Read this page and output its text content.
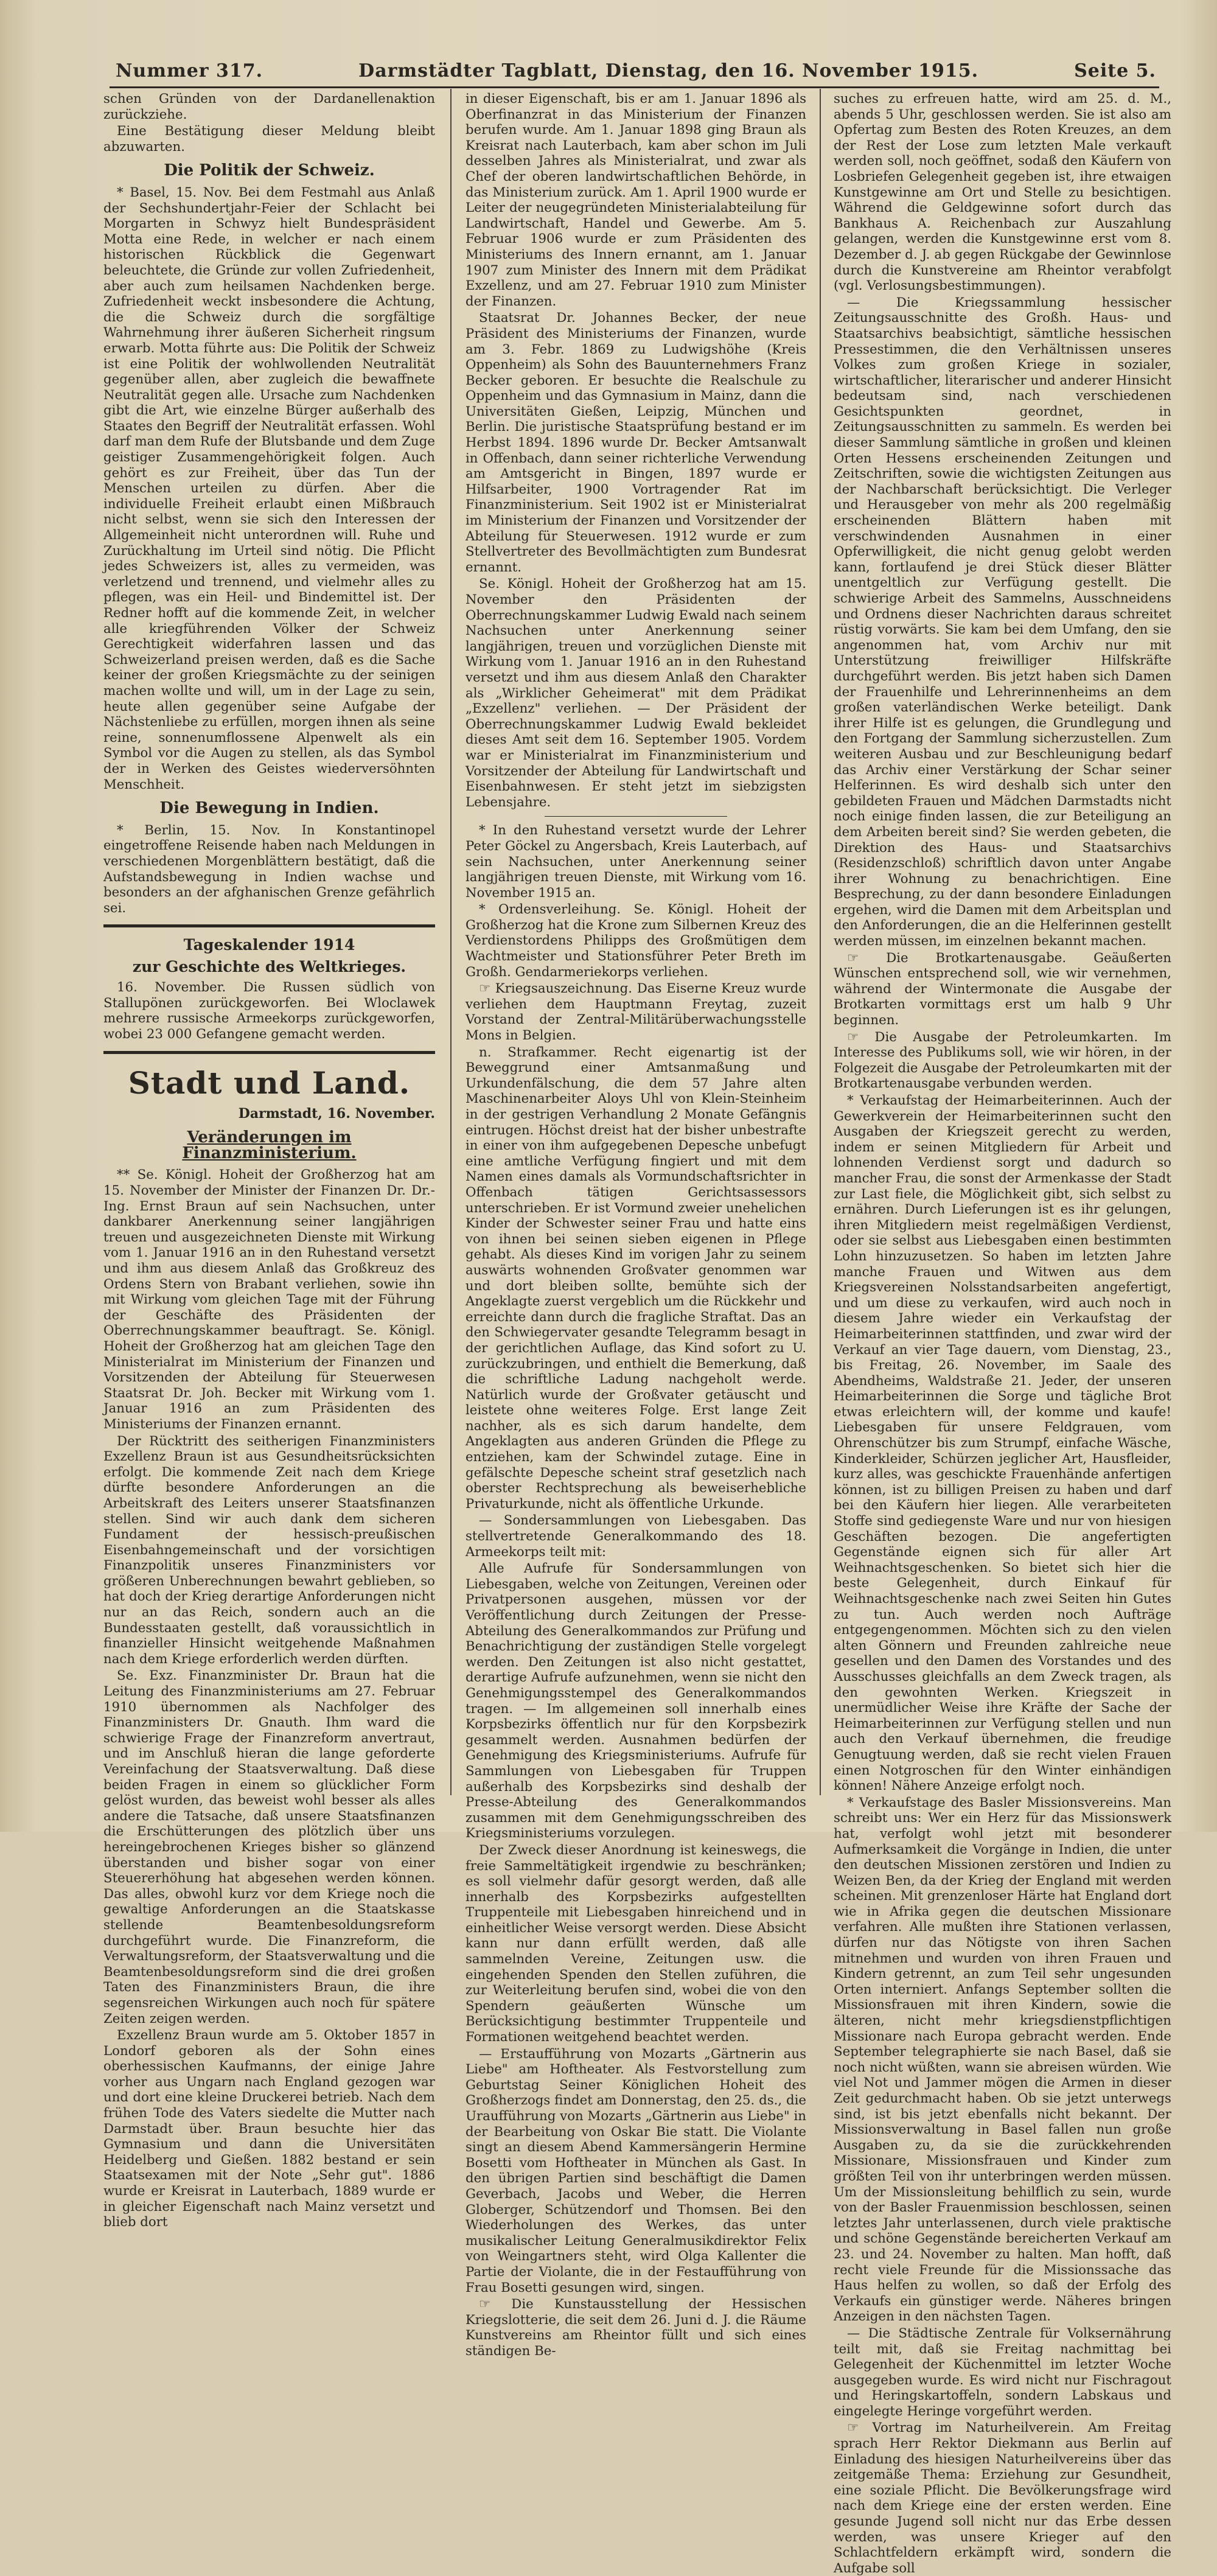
Nummer 317.	Darmstädter Tagblatt, Dienstag, den 16. November 1915.	Seite 5.

schen Gründen von der Dardanellenaktion zurückziehe.

Eine Bestätigung dieser Meldung bleibt abzuwarten.

Die Politik der Schweiz.

* Basel, 15. Nov. Bei dem Festmahl aus Anlaß der Sechshundertjahr-Feier der Schlacht bei Morgarten in Schwyz hielt Bundespräsident Motta eine Rede, in welcher er nach einem historischen Rückblick die Gegenwart beleuchtete, die Gründe zur vollen Zufriedenheit, aber auch zum heilsamen Nachdenken berge. Zufriedenheit weckt insbesondere die Achtung, die die Schweiz durch die sorgfältige Wahrnehmung ihrer äußeren Sicherheit ringsum erwarb. Motta führte aus: Die Politik der Schweiz ist eine Politik der wohlwollenden Neutralität gegenüber allen, aber zugleich die bewaffnete Neutralität gegen alle. Ursache zum Nachdenken gibt die Art, wie einzelne Bürger außerhalb des Staates den Begriff der Neutralität erfassen. Wohl darf man dem Rufe der Blutsbande und dem Zuge geistiger Zusammengehörigkeit folgen. Auch gehört es zur Freiheit, über das Tun der Menschen urteilen zu dürfen. Aber die individuelle Freiheit erlaubt einen Mißbrauch nicht selbst, wenn sie sich den Interessen der Allgemeinheit nicht unterordnen will. Ruhe und Zurückhaltung im Urteil sind nötig. Die Pflicht jedes Schweizers ist, alles zu vermeiden, was verletzend und trennend, und vielmehr alles zu pflegen, was ein Heil- und Bindemittel ist. Der Redner hofft auf die kommende Zeit, in welcher alle kriegführenden Völker der Schweiz Gerechtigkeit widerfahren lassen und das Schweizerland preisen werden, daß es die Sache keiner der großen Kriegsmächte zu der seinigen machen wollte und will, um in der Lage zu sein, heute allen gegenüber seine Aufgabe der Nächstenliebe zu erfüllen, morgen ihnen als seine reine, sonnenumflossene Alpenwelt als ein Symbol vor die Augen zu stellen, als das Symbol der in Werken des Geistes wiederversöhnten Menschheit.

Die Bewegung in Indien.

* Berlin, 15. Nov. In Konstantinopel eingetroffene Reisende haben nach Meldungen in verschiedenen Morgenblättern bestätigt, daß die Aufstandsbewegung in Indien wachse und besonders an der afghanischen Grenze gefährlich sei.

Tageskalender 1914
zur Geschichte des Weltkrieges.

16. November. Die Russen südlich von Stallupönen zurückgeworfen. Bei Wloclawek mehrere russische Armeekorps zurückgeworfen, wobei 23 000 Gefangene gemacht werden.

Stadt und Land.
Darmstadt, 16. November.
Veränderungen im Finanzministerium.

** Se. Königl. Hoheit der Großherzog hat am 15. November der Minister der Finanzen Dr. Dr.-Ing. Ernst Braun auf sein Nachsuchen, unter dankbarer Anerkennung seiner langjährigen treuen und ausgezeichneten Dienste mit Wirkung vom 1. Januar 1916 an in den Ruhestand versetzt und ihm aus diesem Anlaß das Großkreuz des Ordens Stern von Brabant verliehen, sowie ihn mit Wirkung vom gleichen Tage mit der Führung der Geschäfte des Präsidenten der Oberrechnungskammer beauftragt. Se. Königl. Hoheit der Großherzog hat am gleichen Tage den Ministerialrat im Ministerium der Finanzen und Vorsitzenden der Abteilung für Steuerwesen Staatsrat Dr. Joh. Becker mit Wirkung vom 1. Januar 1916 an zum Präsidenten des Ministeriums der Finanzen ernannt.

Der Rücktritt des seitherigen Finanzministers Exzellenz Braun ist aus Gesundheitsrücksichten erfolgt. Die kommende Zeit nach dem Kriege dürfte besondere Anforderungen an die Arbeitskraft des Leiters unserer Staatsfinanzen stellen. Sind wir auch dank dem sicheren Fundament der hessisch-preußischen Eisenbahngemeinschaft und der vorsichtigen Finanzpolitik unseres Finanzministers vor größeren Unberechnungen bewahrt geblieben, so hat doch der Krieg derartige Anforderungen nicht nur an das Reich, sondern auch an die Bundesstaaten gestellt, daß voraussichtlich in finanzieller Hinsicht weitgehende Maßnahmen nach dem Kriege erforderlich werden dürften.

Se. Exz. Finanzminister Dr. Braun hat die Leitung des Finanzministeriums am 27. Februar 1910 übernommen als Nachfolger des Finanzministers Dr. Gnauth. Ihm ward die schwierige Frage der Finanzreform anvertraut, und im Anschluß hieran die lange geforderte Vereinfachung der Staatsverwaltung. Daß diese beiden Fragen in einem so glücklicher Form gelöst wurden, das beweist wohl besser als alles andere die Tatsache, daß unsere Staatsfinanzen die Erschütterungen des plötzlich über uns hereingebrochenen Krieges bisher so glänzend überstanden und bisher sogar von einer Steuererhöhung hat abgesehen werden können. Das alles, obwohl kurz vor dem Kriege noch die gewaltige Anforderungen an die Staatskasse stellende Beamtenbesoldungsreform durchgeführt wurde. Die Finanzreform, die Verwaltungsreform, der Staatsverwaltung und die Beamtenbesoldungsreform sind die drei großen Taten des Finanzministers Braun, die ihre segensreichen Wirkungen auch noch für spätere Zeiten zeigen werden.

Exzellenz Braun wurde am 5. Oktober 1857 in Londorf geboren als der Sohn eines oberhessischen Kaufmanns, der einige Jahre vorher aus Ungarn nach England gezogen war und dort eine kleine Druckerei betrieb. Nach dem frühen Tode des Vaters siedelte die Mutter nach Darmstadt über. Braun besuchte hier das Gymnasium und dann die Universitäten Heidelberg und Gießen. 1882 bestand er sein Staatsexamen mit der Note „Sehr gut". 1886 wurde er Kreisrat in Lauterbach, 1889 wurde er in gleicher Eigenschaft nach Mainz versetzt und blieb dort

in dieser Eigenschaft, bis er am 1. Januar 1896 als Oberfinanzrat in das Ministerium der Finanzen berufen wurde. Am 1. Januar 1898 ging Braun als Kreisrat nach Lauterbach, kam aber schon im Juli desselben Jahres als Ministerialrat, und zwar als Chef der oberen landwirtschaftlichen Behörde, in das Ministerium zurück. Am 1. April 1900 wurde er Leiter der neugegründeten Ministerialabteilung für Landwirtschaft, Handel und Gewerbe. Am 5. Februar 1906 wurde er zum Präsidenten des Ministeriums des Innern ernannt, am 1. Januar 1907 zum Minister des Innern mit dem Prädikat Exzellenz, und am 27. Februar 1910 zum Minister der Finanzen.

Staatsrat Dr. Johannes Becker, der neue Präsident des Ministeriums der Finanzen, wurde am 3. Febr. 1869 zu Ludwigshöhe (Kreis Oppenheim) als Sohn des Bauunternehmers Franz Becker geboren. Er besuchte die Realschule zu Oppenheim und das Gymnasium in Mainz, dann die Universitäten Gießen, Leipzig, München und Berlin. Die juristische Staatsprüfung bestand er im Herbst 1894. 1896 wurde Dr. Becker Amtsanwalt in Offenbach, dann seiner richterliche Verwendung am Amtsgericht in Bingen, 1897 wurde er Hilfsarbeiter, 1900 Vortragender Rat im Finanzministerium. Seit 1902 ist er Ministerialrat im Ministerium der Finanzen und Vorsitzender der Abteilung für Steuerwesen. 1912 wurde er zum Stellvertreter des Bevollmächtigten zum Bundesrat ernannt.

Se. Königl. Hoheit der Großherzog hat am 15. November den Präsidenten der Oberrechnungskammer Ludwig Ewald nach seinem Nachsuchen unter Anerkennung seiner langjährigen, treuen und vorzüglichen Dienste mit Wirkung vom 1. Januar 1916 an in den Ruhestand versetzt und ihm aus diesem Anlaß den Charakter als „Wirklicher Geheimerat" mit dem Prädikat „Exzellenz" verliehen. — Der Präsident der Oberrechnungskammer Ludwig Ewald bekleidet dieses Amt seit dem 16. September 1905. Vordem war er Ministerialrat im Finanzministerium und Vorsitzender der Abteilung für Landwirtschaft und Eisenbahnwesen. Er steht jetzt im siebzigsten Lebensjahre.

* In den Ruhestand versetzt wurde der Lehrer Peter Göckel zu Angersbach, Kreis Lauterbach, auf sein Nachsuchen, unter Anerkennung seiner langjährigen treuen Dienste, mit Wirkung vom 16. November 1915 an.

* Ordensverleihung. Se. Königl. Hoheit der Großherzog hat die Krone zum Silbernen Kreuz des Verdienstordens Philipps des Großmütigen dem Wachtmeister und Stationsführer Peter Breth im Großh. Gendarmeriekorps verliehen.

☞ Kriegsauszeichnung. Das Eiserne Kreuz wurde verliehen dem Hauptmann Freytag, zuzeit Vorstand der Zentral-Militärüberwachungsstelle Mons in Belgien.

n. Strafkammer. Recht eigenartig ist der Beweggrund einer Amtsanmaßung und Urkundenfälschung, die dem 57 Jahre alten Maschinenarbeiter Aloys Uhl von Klein-Steinheim in der gestrigen Verhandlung 2 Monate Gefängnis eintrugen. Höchst dreist hat der bisher unbestrafte in einer von ihm aufgegebenen Depesche unbefugt eine amtliche Verfügung fingiert und mit dem Namen eines damals als Vormundschaftsrichter in Offenbach tätigen Gerichtsassessors unterschrieben. Er ist Vormund zweier unehelichen Kinder der Schwester seiner Frau und hatte eins von ihnen bei seinen sieben eigenen in Pflege gehabt. Als dieses Kind im vorigen Jahr zu seinem auswärts wohnenden Großvater genommen war und dort bleiben sollte, bemühte sich der Angeklagte zuerst vergeblich um die Rückkehr und erreichte dann durch die fragliche Straftat. Das an den Schwiegervater gesandte Telegramm besagt in der gerichtlichen Auflage, das Kind sofort zu U. zurückzubringen, und enthielt die Bemerkung, daß die schriftliche Ladung nachgeholt werde. Natürlich wurde der Großvater getäuscht und leistete ohne weiteres Folge. Erst lange Zeit nachher, als es sich darum handelte, dem Angeklagten aus anderen Gründen die Pflege zu entziehen, kam der Schwindel zutage. Eine in gefälschte Depesche scheint straf gesetzlich nach oberster Rechtsprechung als beweiserhebliche Privaturkunde, nicht als öffentliche Urkunde.

— Sondersammlungen von Liebesgaben. Das stellvertretende Generalkommando des 18. Armeekorps teilt mit:

Alle Aufrufe für Sondersammlungen von Liebesgaben, welche von Zeitungen, Vereinen oder Privatpersonen ausgehen, müssen vor der Veröffentlichung durch Zeitungen der Presse-Abteilung des Generalkommandos zur Prüfung und Benachrichtigung der zuständigen Stelle vorgelegt werden. Den Zeitungen ist also nicht gestattet, derartige Aufrufe aufzunehmen, wenn sie nicht den Genehmigungsstempel des Generalkommandos tragen. — Im allgemeinen soll innerhalb eines Korpsbezirks öffentlich nur für den Korpsbezirk gesammelt werden. Ausnahmen bedürfen der Genehmigung des Kriegsministeriums. Aufrufe für Sammlungen von Liebesgaben für Truppen außerhalb des Korpsbezirks sind deshalb der Presse-Abteilung des Generalkommandos zusammen mit dem Genehmigungsschreiben des Kriegsministeriums vorzulegen.

Der Zweck dieser Anordnung ist keineswegs, die freie Sammeltätigkeit irgendwie zu beschränken; es soll vielmehr dafür gesorgt werden, daß alle innerhalb des Korpsbezirks aufgestellten Truppenteile mit Liebesgaben hinreichend und in einheitlicher Weise versorgt werden. Diese Absicht kann nur dann erfüllt werden, daß alle sammelnden Vereine, Zeitungen usw. die eingehenden Spenden den Stellen zuführen, die zur Weiterleitung berufen sind, wobei die von den Spendern geäußerten Wünsche um Berücksichtigung bestimmter Truppenteile und Formationen weitgehend beachtet werden.

— Erstaufführung von Mozarts „Gärtnerin aus Liebe" am Hoftheater. Als Festvorstellung zum Geburtstag Seiner Königlichen Hoheit des Großherzogs findet am Donnerstag, den 25. ds., die Uraufführung von Mozarts „Gärtnerin aus Liebe" in der Bearbeitung von Oskar Bie statt. Die Violante singt an diesem Abend Kammersängerin Hermine Bosetti vom Hoftheater in München als Gast. In den übrigen Partien sind beschäftigt die Damen Geverbach, Jacobs und Weber, die Herren Globerger, Schützendorf und Thomsen. Bei den Wiederholungen des Werkes, das unter musikalischer Leitung Generalmusikdirektor Felix von Weingartners steht, wird Olga Kallenter die Partie der Violante, die in der Festaufführung von Frau Bosetti gesungen wird, singen.

☞ Die Kunstausstellung der Hessischen Kriegslotterie, die seit dem 26. Juni d. J. die Räume Kunstvereins am Rheintor füllt und sich eines ständigen Be-

suches zu erfreuen hatte, wird am 25. d. M., abends 5 Uhr, geschlossen werden. Sie ist also am Opfertag zum Besten des Roten Kreuzes, an dem der Rest der Lose zum letzten Male verkauft werden soll, noch geöffnet, sodaß den Käufern von Losbriefen Gelegenheit gegeben ist, ihre etwaigen Kunstgewinne am Ort und Stelle zu besichtigen. Während die Geldgewinne sofort durch das Bankhaus A. Reichenbach zur Auszahlung gelangen, werden die Kunstgewinne erst vom 8. Dezember d. J. ab gegen Rückgabe der Gewinnlose durch die Kunstvereine am Rheintor verabfolgt (vgl. Verlosungsbestimmungen).

— Die Kriegssammlung hessischer Zeitungsausschnitte des Großh. Haus- und Staatsarchivs beabsichtigt, sämtliche hessischen Pressestimmen, die den Verhältnissen unseres Volkes zum großen Kriege in sozialer, wirtschaftlicher, literarischer und anderer Hinsicht bedeutsam sind, nach verschiedenen Gesichtspunkten geordnet, in Zeitungsausschnitten zu sammeln. Es werden bei dieser Sammlung sämtliche in großen und kleinen Orten Hessens erscheinenden Zeitungen und Zeitschriften, sowie die wichtigsten Zeitungen aus der Nachbarschaft berücksichtigt. Die Verleger und Herausgeber von mehr als 200 regelmäßig erscheinenden Blättern haben mit verschwindenden Ausnahmen in einer Opferwilligkeit, die nicht genug gelobt werden kann, fortlaufend je drei Stück dieser Blätter unentgeltlich zur Verfügung gestellt. Die schwierige Arbeit des Sammelns, Ausschneidens und Ordnens dieser Nachrichten daraus schreitet rüstig vorwärts. Sie kam bei dem Umfang, den sie angenommen hat, vom Archiv nur mit Unterstützung freiwilliger Hilfskräfte durchgeführt werden. Bis jetzt haben sich Damen der Frauenhilfe und Lehrerinnenheims an dem großen vaterländischen Werke beteiligt. Dank ihrer Hilfe ist es gelungen, die Grundlegung und den Fortgang der Sammlung sicherzustellen. Zum weiteren Ausbau und zur Beschleunigung bedarf das Archiv einer Verstärkung der Schar seiner Helferinnen. Es wird deshalb sich unter den gebildeten Frauen und Mädchen Darmstadts nicht noch einige finden lassen, die zur Beteiligung an dem Arbeiten bereit sind? Sie werden gebeten, die Direktion des Haus- und Staatsarchivs (Residenzschloß) schriftlich davon unter Angabe ihrer Wohnung zu benachrichtigen. Eine Besprechung, zu der dann besondere Einladungen ergehen, wird die Damen mit dem Arbeitsplan und den Anforderungen, die an die Helferinnen gestellt werden müssen, im einzelnen bekannt machen.

☞ Die Brotkartenausgabe. Geäußerten Wünschen entsprechend soll, wie wir vernehmen, während der Wintermonate die Ausgabe der Brotkarten vormittags erst um halb 9 Uhr beginnen.

☞ Die Ausgabe der Petroleumkarten. Im Interesse des Publikums soll, wie wir hören, in der Folgezeit die Ausgabe der Petroleumkarten mit der Brotkartenausgabe verbunden werden.

* Verkaufstag der Heimarbeiterinnen. Auch der Gewerkverein der Heimarbeiterinnen sucht den Ausgaben der Kriegszeit gerecht zu werden, indem er seinen Mitgliedern für Arbeit und lohnenden Verdienst sorgt und dadurch so mancher Frau, die sonst der Armenkasse der Stadt zur Last fiele, die Möglichkeit gibt, sich selbst zu ernähren. Durch Lieferungen ist es ihr gelungen, ihren Mitgliedern meist regelmäßigen Verdienst, oder sie selbst aus Liebesgaben einen bestimmten Lohn hinzuzusetzen. So haben im letzten Jahre manche Frauen und Witwen aus dem Kriegsvereinen Nolsstandsarbeiten angefertigt, und um diese zu verkaufen, wird auch noch in diesem Jahre wieder ein Verkaufstag der Heimarbeiterinnen stattfinden, und zwar wird der Verkauf an vier Tage dauern, vom Dienstag, 23., bis Freitag, 26. November, im Saale des Abendheims, Waldstraße 21. Jeder, der unseren Heimarbeiterinnen die Sorge und tägliche Brot etwas erleichtern will, der komme und kaufe! Liebesgaben für unsere Feldgrauen, vom Ohrenschützer bis zum Strumpf, einfache Wäsche, Kinderkleider, Schürzen jeglicher Art, Hausfleider, kurz alles, was geschickte Frauenhände anfertigen können, ist zu billigen Preisen zu haben und darf bei den Käufern hier liegen. Alle verarbeiteten Stoffe sind gediegenste Ware und nur von hiesigen Geschäften bezogen. Die angefertigten Gegenstände eignen sich für aller Art Weihnachtsgeschenken. So bietet sich hier die beste Gelegenheit, durch Einkauf für Weihnachtsgeschenke nach zwei Seiten hin Gutes zu tun. Auch werden noch Aufträge entgegengenommen. Möchten sich zu den vielen alten Gönnern und Freunden zahlreiche neue gesellen und den Damen des Vorstandes und des Ausschusses gleichfalls an dem Zweck tragen, als den gewohnten Werken. Kriegszeit in unermüdlicher Weise ihre Kräfte der Sache der Heimarbeiterinnen zur Verfügung stellen und nun auch den Verkauf übernehmen, die freudige Genugtuung werden, daß sie recht vielen Frauen einen Notgroschen für den Winter einhändigen können! Nähere Anzeige erfolgt noch.

* Verkaufstage des Basler Missionsvereins. Man schreibt uns: Wer ein Herz für das Missionswerk hat, verfolgt wohl jetzt mit besonderer Aufmerksamkeit die Vorgänge in Indien, die unter den deutschen Missionen zerstören und Indien zu Weizen Ben, da der Krieg der England mit werden scheinen. Mit grenzenloser Härte hat England dort wie in Afrika gegen die deutschen Missionare verfahren. Alle mußten ihre Stationen verlassen, dürfen nur das Nötigste von ihren Sachen mitnehmen und wurden von ihren Frauen und Kindern getrennt, an zum Teil sehr ungesunden Orten interniert. Anfangs September sollten die Missionsfrauen mit ihren Kindern, sowie die älteren, nicht mehr kriegsdienstpflichtigen Missionare nach Europa gebracht werden. Ende September telegraphierte sie nach Basel, daß sie noch nicht wüßten, wann sie abreisen würden. Wie viel Not und Jammer mögen die Armen in dieser Zeit gedurchmacht haben. Ob sie jetzt unterwegs sind, ist bis jetzt ebenfalls nicht bekannt. Der Missionsverwaltung in Basel fallen nun große Ausgaben zu, da sie die zurückkehrenden Missionare, Missionsfrauen und Kinder zum größten Teil von ihr unterbringen werden müssen. Um der Missionsleitung behilflich zu sein, wurde von der Basler Frauenmission beschlossen, seinen letztes Jahr unterlassenen, durch viele praktische und schöne Gegenstände bereicherten Verkauf am 23. und 24. November zu halten. Man hofft, daß recht viele Freunde für die Missionssache das Haus helfen zu wollen, so daß der Erfolg des Verkaufs ein günstiger werde. Näheres bringen Anzeigen in den nächsten Tagen.

— Die Städtische Zentrale für Volksernährung teilt mit, daß sie Freitag nachmittag bei Gelegenheit der Küchenmittel im letzter Woche ausgegeben wurde. Es wird nicht nur Fischragout und Heringskartoffeln, sondern Labskaus und eingelegte Heringe vorgeführt werden.

☞ Vortrag im Naturheilverein. Am Freitag sprach Herr Rektor Diekmann aus Berlin auf Einladung des hiesigen Naturheilvereins über das zeitgemäße Thema: Erziehung zur Gesundheit, eine soziale Pflicht. Die Bevölkerungsfrage wird nach dem Kriege eine der ersten werden. Eine gesunde Jugend soll nicht nur das Erbe dessen werden, was unsere Krieger auf den Schlachtfeldern erkämpft wird, sondern die Aufgabe soll
